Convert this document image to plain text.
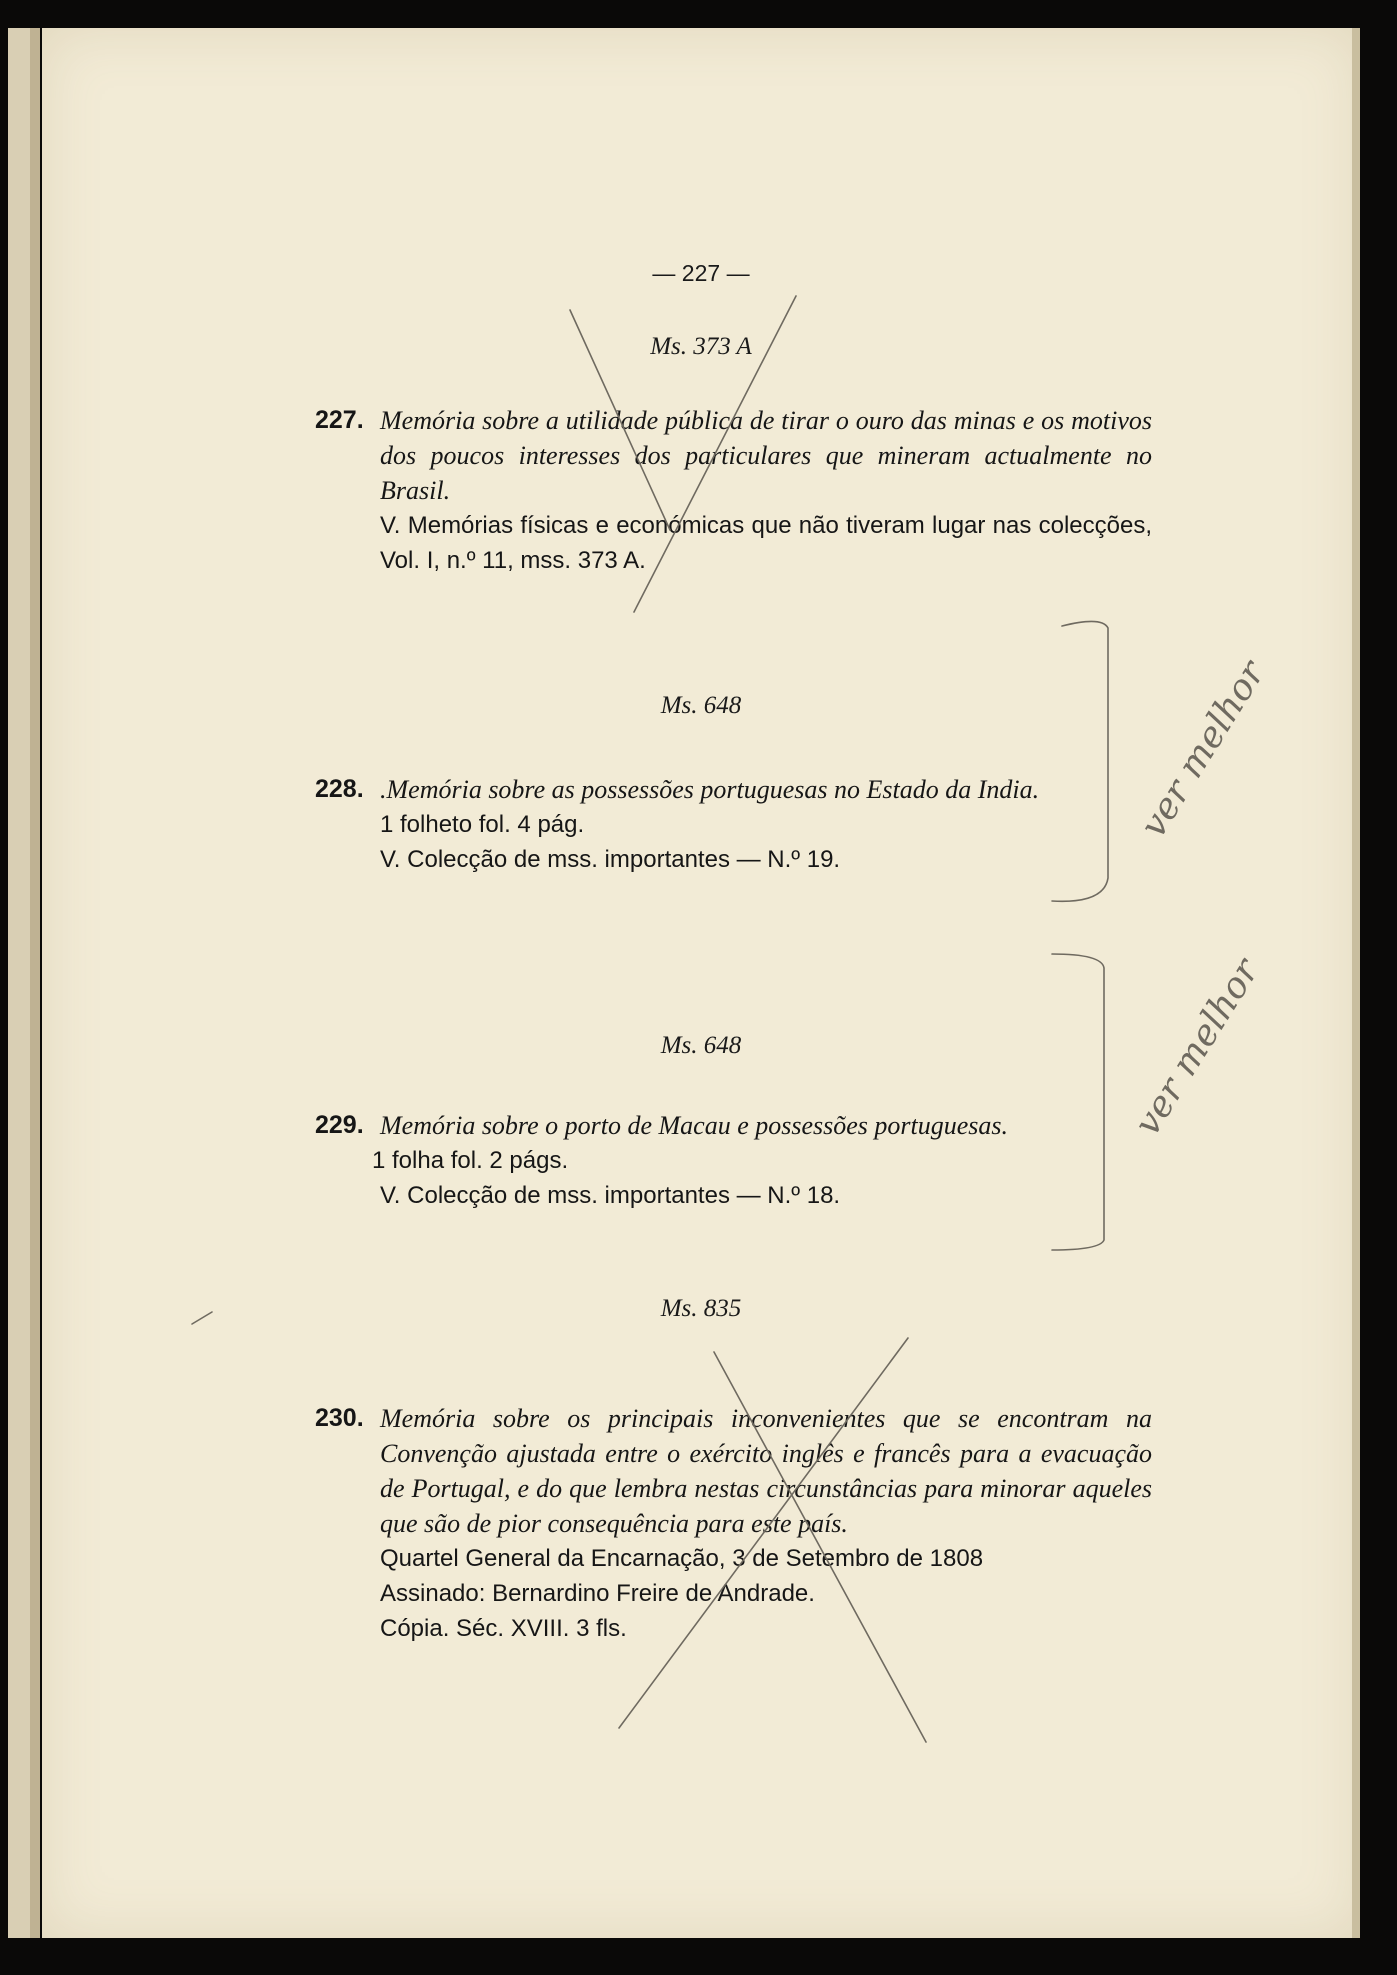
— 227 —
Ms. 373 A
227. Memória sobre a utilidade pública de tirar o ouro das minas e os motivos dos poucos interesses dos particulares que mineram actualmente no Brasil.
V. Memórias físicas e económicas que não tiveram lugar nas colecções, Vol. I, n.º 11, mss. 373 A.
Ms. 648
228. .Memória sobre as possessões portuguesas no Estado da India.
1 folheto fol. 4 pág.
V. Colecção de mss. importantes — N.º 19.
Ms. 648
229. Memória sobre o porto de Macau e possessões portuguesas.
1 folha fol. 2 págs.
V. Colecção de mss. importantes — N.º 18.
Ms. 835
230. Memória sobre os principais inconvenientes que se encontram na Convenção ajustada entre o exército inglês e francês para a evacuação de Portugal, e do que lembra nestas circunstâncias para minorar aqueles que são de pior consequência para este país.
Quartel General da Encarnação, 3 de Setembro de 1808
Assinado: Bernardino Freire de Andrade.
Cópia. Séc. XVIII. 3 fls.
ver melhor
ver melhor
